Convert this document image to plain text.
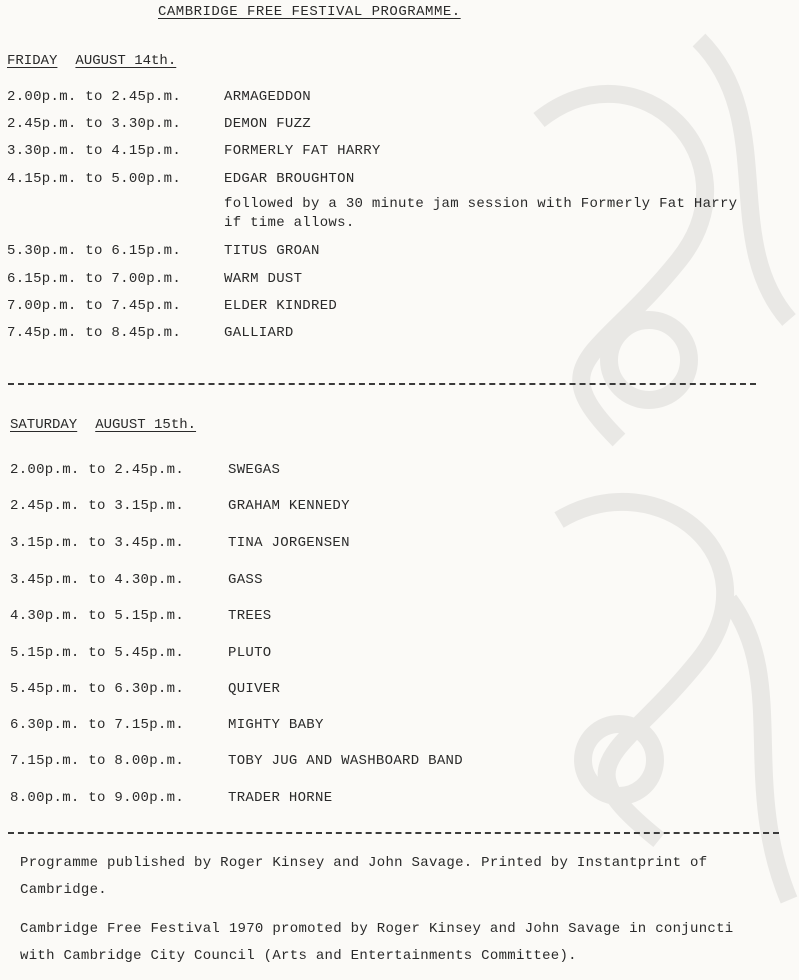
CAMBRIDGE FREE FESTIVAL PROGRAMME.
FRIDAY AUGUST 14th.
2.00p.m. to 2.45p.m.	ARMAGEDDON
2.45p.m. to 3.30p.m.	DEMON FUZZ
3.30p.m. to 4.15p.m.	FORMERLY FAT HARRY
4.15p.m. to 5.00p.m.	EDGAR BROUGHTON
followed by a 30 minute jam session with Formerly Fat Harry
if time allows.
5.30p.m. to 6.15p.m.	TITUS GROAN
6.15p.m. to 7.00p.m.	WARM DUST
7.00p.m. to 7.45p.m.	ELDER KINDRED
7.45p.m. to 8.45p.m.	GALLIARD
SATURDAY AUGUST 15th.
2.00p.m. to 2.45p.m.	SWEGAS
2.45p.m. to 3.15p.m.	GRAHAM KENNEDY
3.15p.m. to 3.45p.m.	TINA JORGENSEN
3.45p.m. to 4.30p.m.	GASS
4.30p.m. to 5.15p.m.	TREES
5.15p.m. to 5.45p.m.	PLUTO
5.45p.m. to 6.30p.m.	QUIVER
6.30p.m. to 7.15p.m.	MIGHTY BABY
7.15p.m. to 8.00p.m.	TOBY JUG AND WASHBOARD BAND
8.00p.m. to 9.00p.m.	TRADER HORNE
Programme published by Roger Kinsey and John Savage. Printed by Instantprint of
Cambridge.
Cambridge Free Festival 1970 promoted by Roger Kinsey and John Savage in conjuncti
with Cambridge City Council (Arts and Entertainments Committee).
